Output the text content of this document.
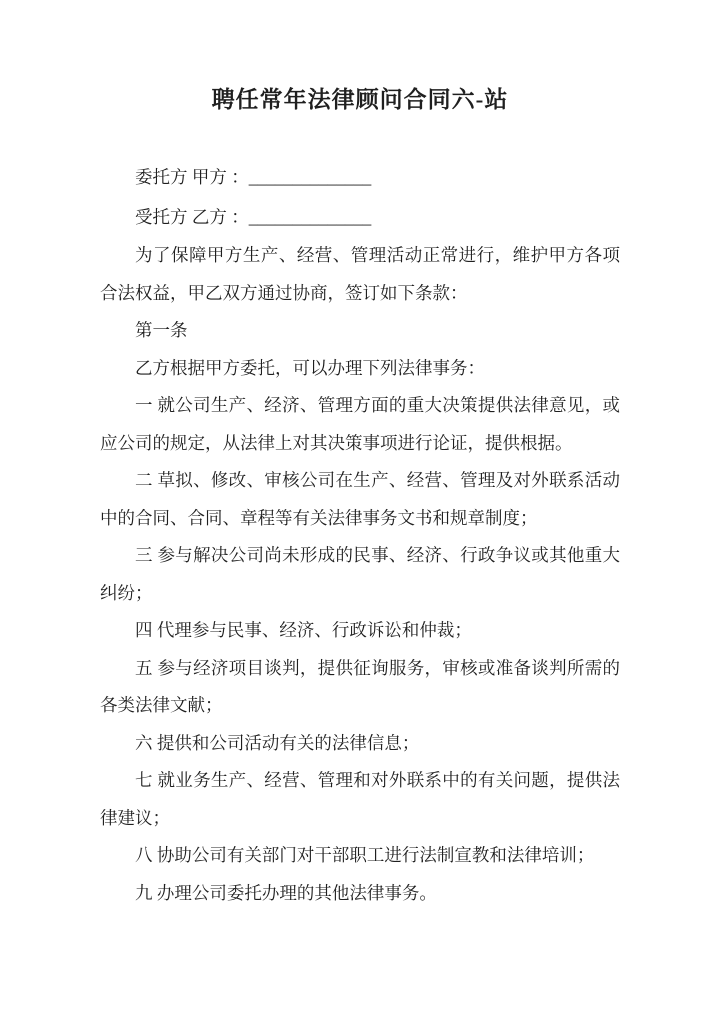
聘任常年法律顾问合同六-站
委托方 甲方 ：______________
受托方 乙方 ：______________

为了保障甲方生产、经营、管理活动正常进行，维护甲方各项合法权益，甲乙双方通过协商，签订如下条款：

第一条

乙方根据甲方委托，可以办理下列法律事务：

一 就公司生产、经济、管理方面的重大决策提供法律意见，或应公司的规定，从法律上对其决策事项进行论证，提供根据。

二 草拟、修改、审核公司在生产、经营、管理及对外联系活动中的合同、合同、章程等有关法律事务文书和规章制度；

三 参与解决公司尚未形成的民事、经济、行政争议或其他重大纠纷；

四 代理参与民事、经济、行政诉讼和仲裁；

五 参与经济项目谈判，提供征询服务，审核或准备谈判所需的各类法律文献；

六 提供和公司活动有关的法律信息；

七 就业务生产、经营、管理和对外联系中的有关问题，提供法律建议；

八 协助公司有关部门对干部职工进行法制宣教和法律培训；

九 办理公司委托办理的其他法律事务。
